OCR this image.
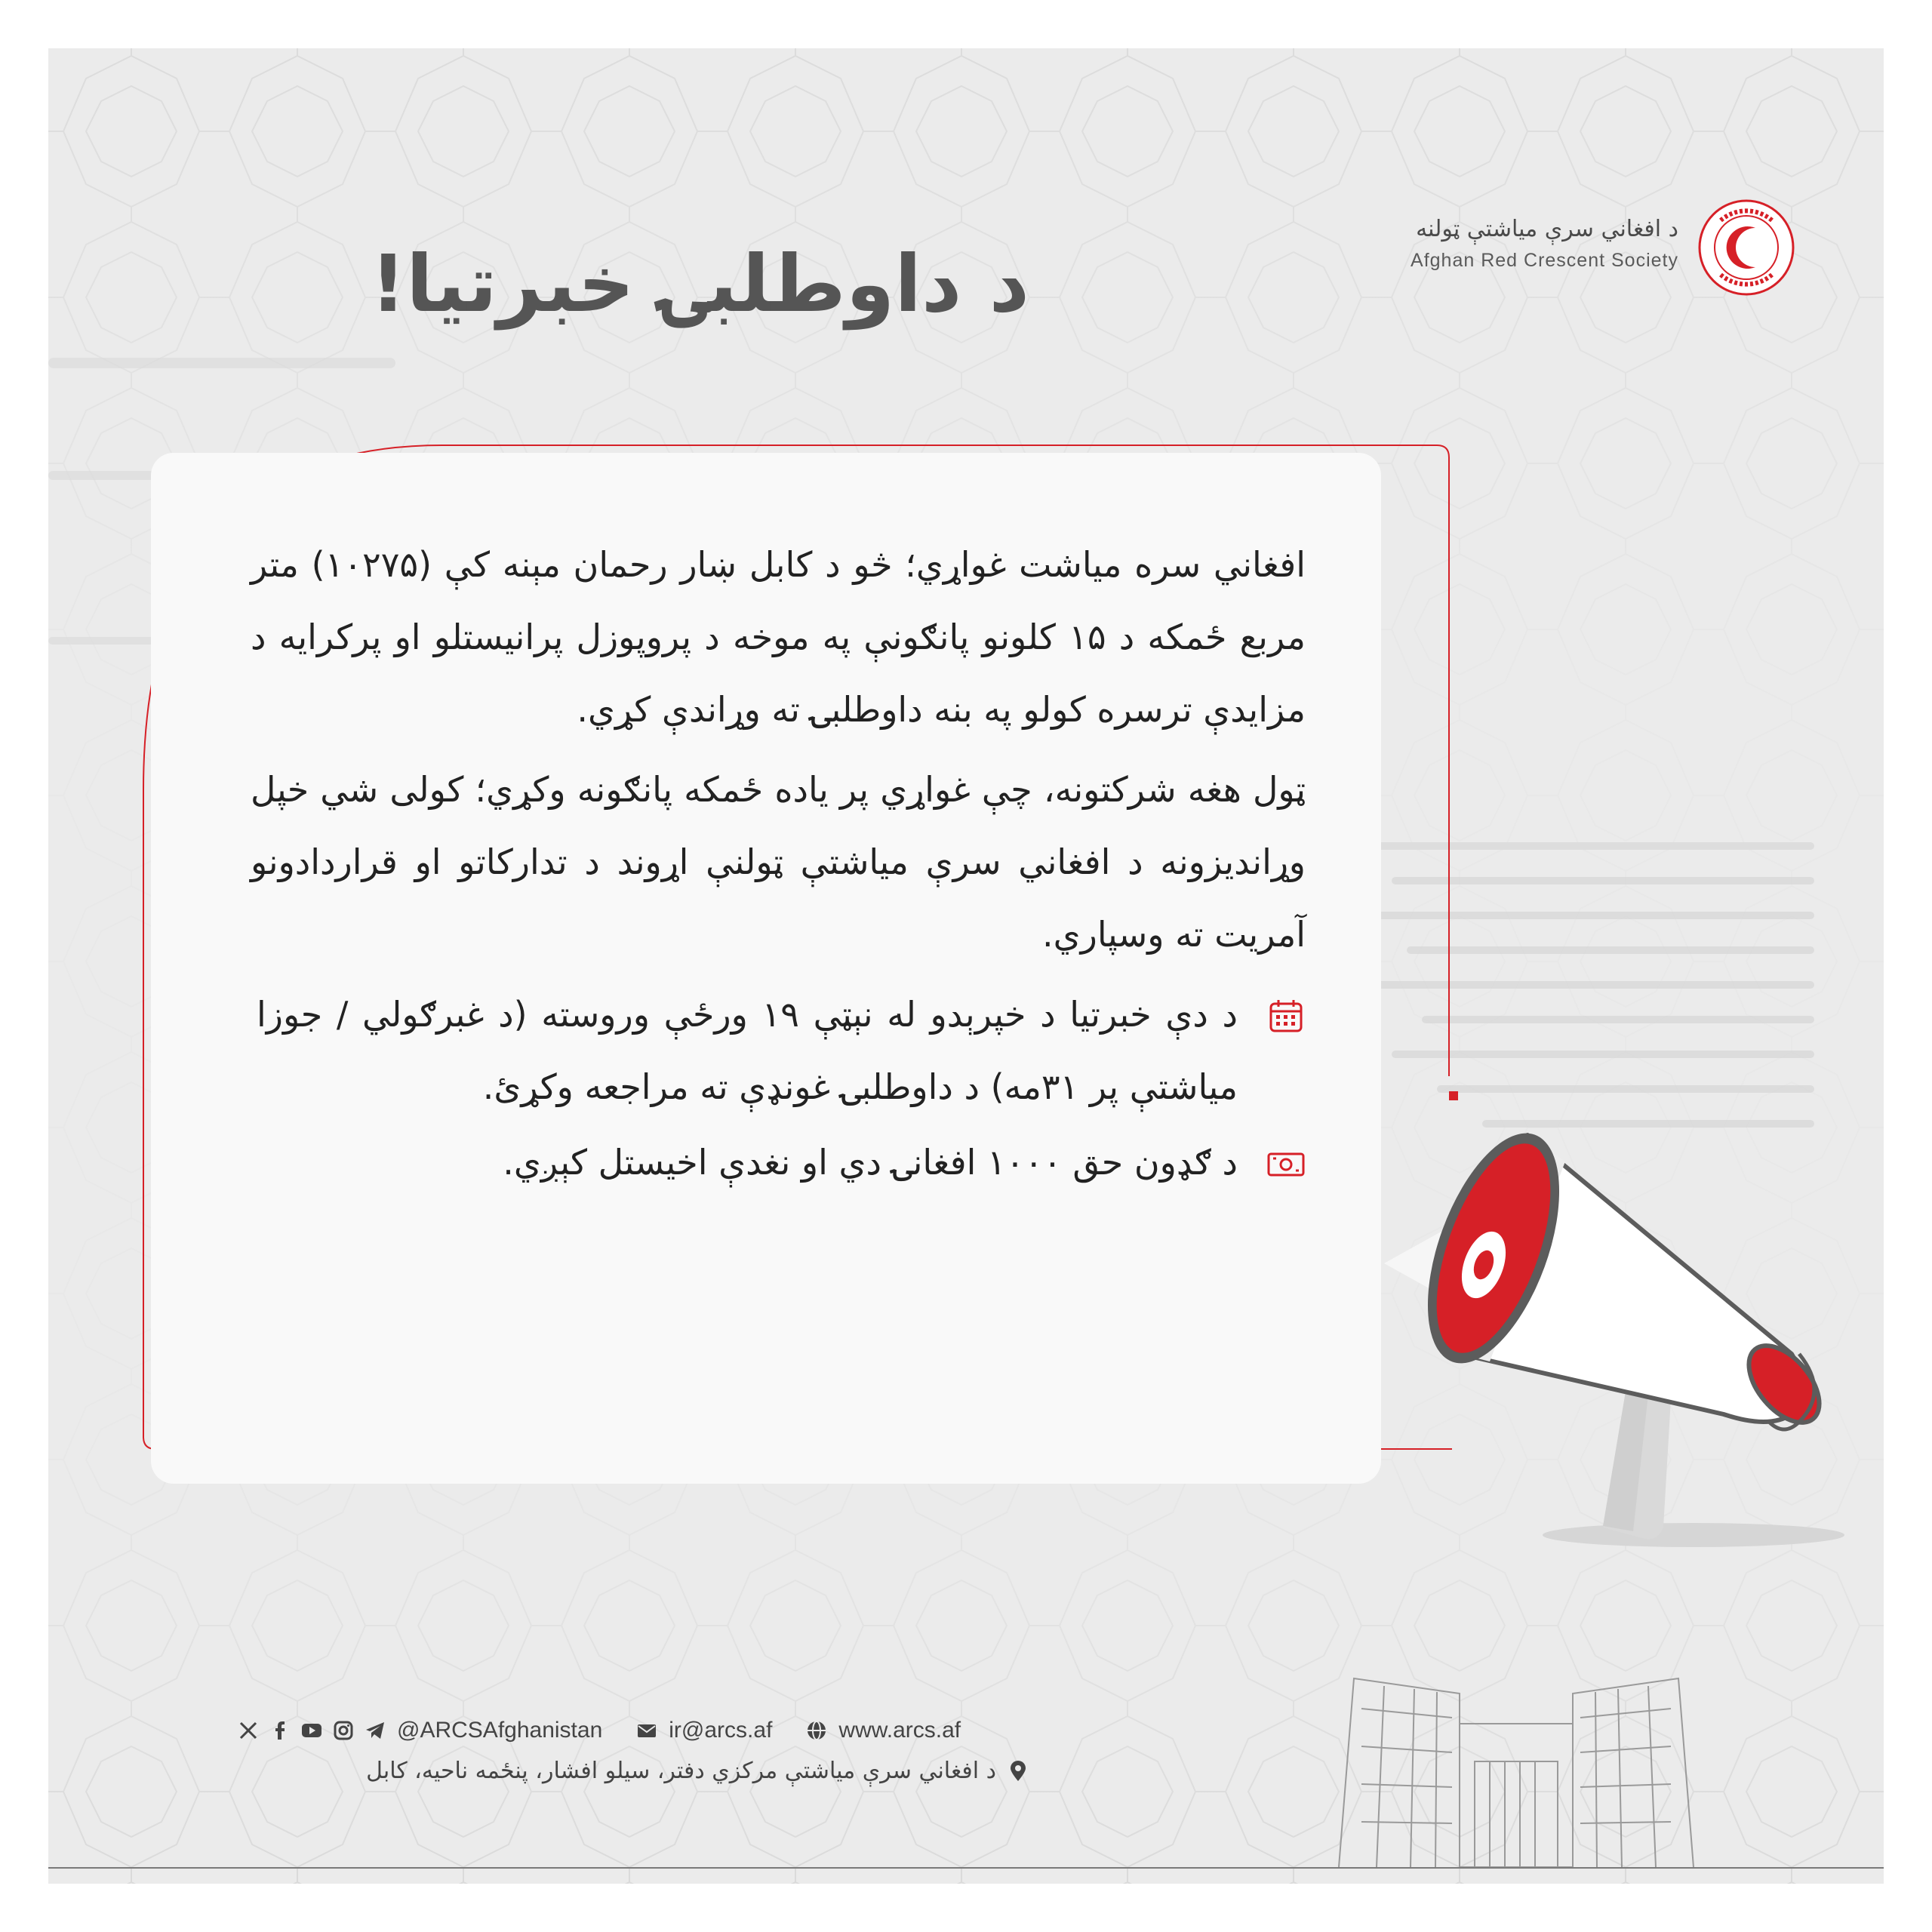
د داوطلبۍ خبرتیا!
د افغاني سرې میاشتې ټولنه
Afghan Red Crescent Society

افغاني سره میاشت غواړي؛ څو د کابل ښار رحمان مېنه کې (۱۰۲۷۵) متر مربع ځمکه د ۱۵ کلونو پانګونې په موخه د پروپوزل پرانیستلو او پرکرایه د مزایدې ترسره کولو په بنه داوطلبۍ ته وړاندې کړي.

ټول هغه شرکتونه، چې غواړي پر یاده ځمکه پانګونه وکړي؛ کولی شي خپل وړاندیزونه د افغاني سرې میاشتې ټولنې اړوند د تدارکاتو او قراردادونو آمریت ته وسپاري.

د دې خبرتیا د خپرېدو له نېټې ۱۹ ورځې وروسته (د غبرګولي / جوزا میاشتې پر ۳۱مه) د داوطلبۍ غونډې ته مراجعه وکړئ.
د ګډون حق ۱۰۰۰ افغانۍ دي او نغدې اخیستل کېږي.
@ARCSAfghanistan	ir@arcs.af	www.arcs.af
د افغاني سرې میاشتې مرکزي دفتر، سیلو افشار، پنځمه ناحیه، کابل
